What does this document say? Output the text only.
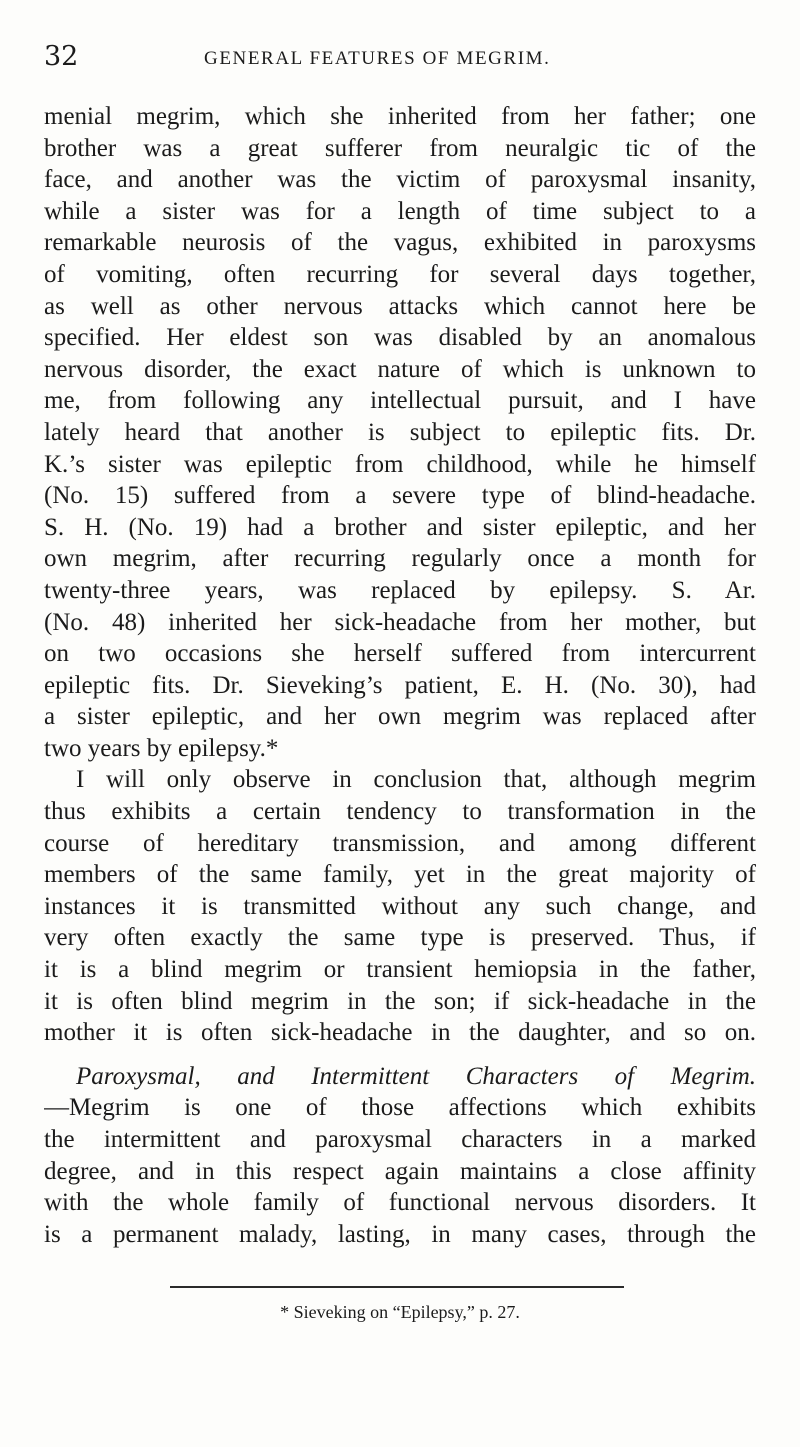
32	GENERAL FEATURES OF MEGRIM.
menial megrim, which she inherited from her father; one
brother was a great sufferer from neuralgic tic of the
face, and another was the victim of paroxysmal insanity,
while a sister was for a length of time subject to a
remarkable neurosis of the vagus, exhibited in paroxysms
of vomiting, often recurring for several days together,
as well as other nervous attacks which cannot here be
specified. Her eldest son was disabled by an anomalous
nervous disorder, the exact nature of which is unknown to
me, from following any intellectual pursuit, and I have
lately heard that another is subject to epileptic fits. Dr.
K.’s sister was epileptic from childhood, while he himself
(No. 15) suffered from a severe type of blind-headache.
S. H. (No. 19) had a brother and sister epileptic, and her
own megrim, after recurring regularly once a month for
twenty-three years, was replaced by epilepsy. S. Ar.
(No. 48) inherited her sick-headache from her mother, but
on two occasions she herself suffered from intercurrent
epileptic fits. Dr. Sieveking’s patient, E. H. (No. 30), had
a sister epileptic, and her own megrim was replaced after
two years by epilepsy.*
I will only observe in conclusion that, although megrim
thus exhibits a certain tendency to transformation in the
course of hereditary transmission, and among different
members of the same family, yet in the great majority of
instances it is transmitted without any such change, and
very often exactly the same type is preserved. Thus, if
it is a blind megrim or transient hemiopsia in the father,
it is often blind megrim in the son; if sick-headache in the
mother it is often sick-headache in the daughter, and so on.
Paroxysmal, and Intermittent Characters of Megrim.
—Megrim is one of those affections which exhibits
the intermittent and paroxysmal characters in a marked
degree, and in this respect again maintains a close affinity
with the whole family of functional nervous disorders. It
is a permanent malady, lasting, in many cases, through the
* Sieveking on “Epilepsy,” p. 27.
